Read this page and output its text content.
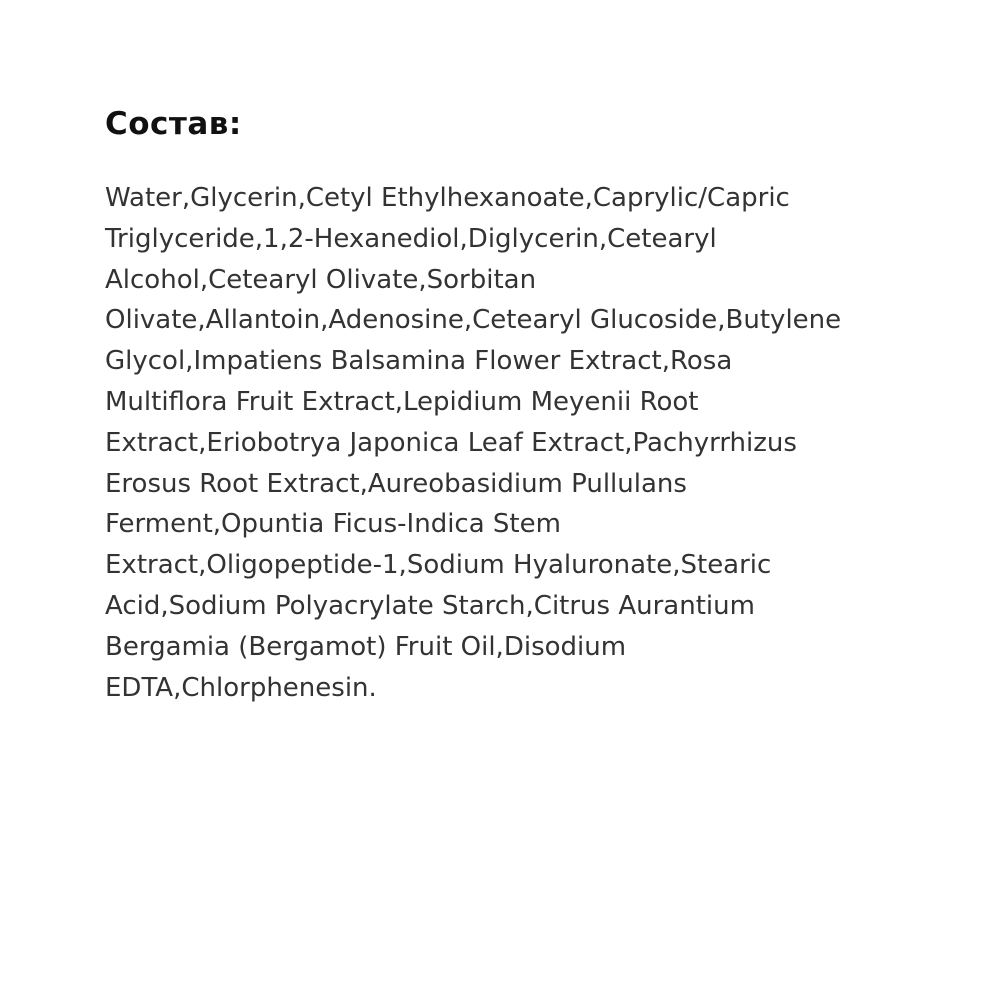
Состав:
Water,Glycerin,Cetyl Ethylhexanoate,Caprylic/Capric
Triglyceride,1,2-Hexanediol,Diglycerin,Cetearyl
Alcohol,Cetearyl Olivate,Sorbitan
Olivate,Allantoin,Adenosine,Cetearyl Glucoside,Butylene
Glycol,Impatiens Balsamina Flower Extract,Rosa
Multiflora Fruit Extract,Lepidium Meyenii Root
Extract,Eriobotrya Japonica Leaf Extract,Pachyrrhizus
Erosus Root Extract,Aureobasidium Pullulans
Ferment,Opuntia Ficus-Indica Stem
Extract,Oligopeptide-1,Sodium Hyaluronate,Stearic
Acid,Sodium Polyacrylate Starch,Citrus Aurantium
Bergamia (Bergamot) Fruit Oil,Disodium
EDTA,Chlorphenesin.
